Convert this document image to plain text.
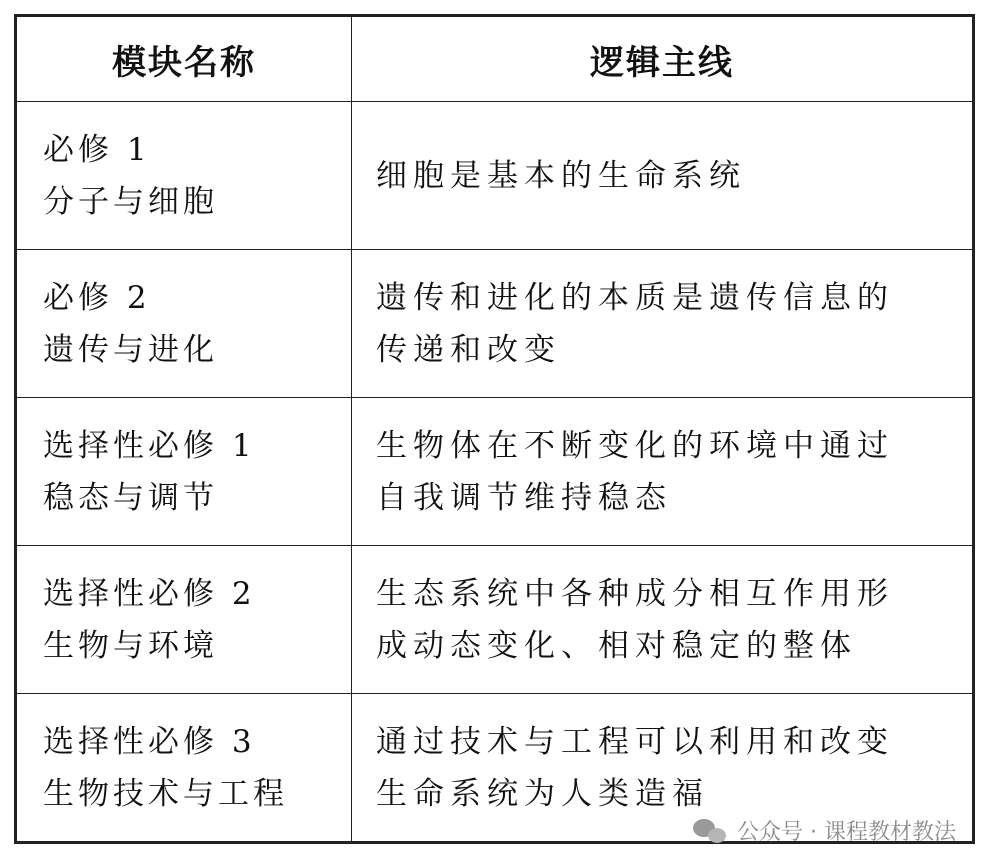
模块名称	逻辑主线

必修 1
分子与细胞	细胞是基本的生命系统

必修 2
遗传与进化	遗传和进化的本质是遗传信息的
传递和改变

选择性必修 1
稳态与调节	生物体在不断变化的环境中通过
自我调节维持稳态

选择性必修 2
生物与环境	生态系统中各种成分相互作用形
成动态变化、相对稳定的整体

选择性必修 3
生物技术与工程	通过技术与工程可以利用和改变
生命系统为人类造福
公众号 · 课程教材教法
